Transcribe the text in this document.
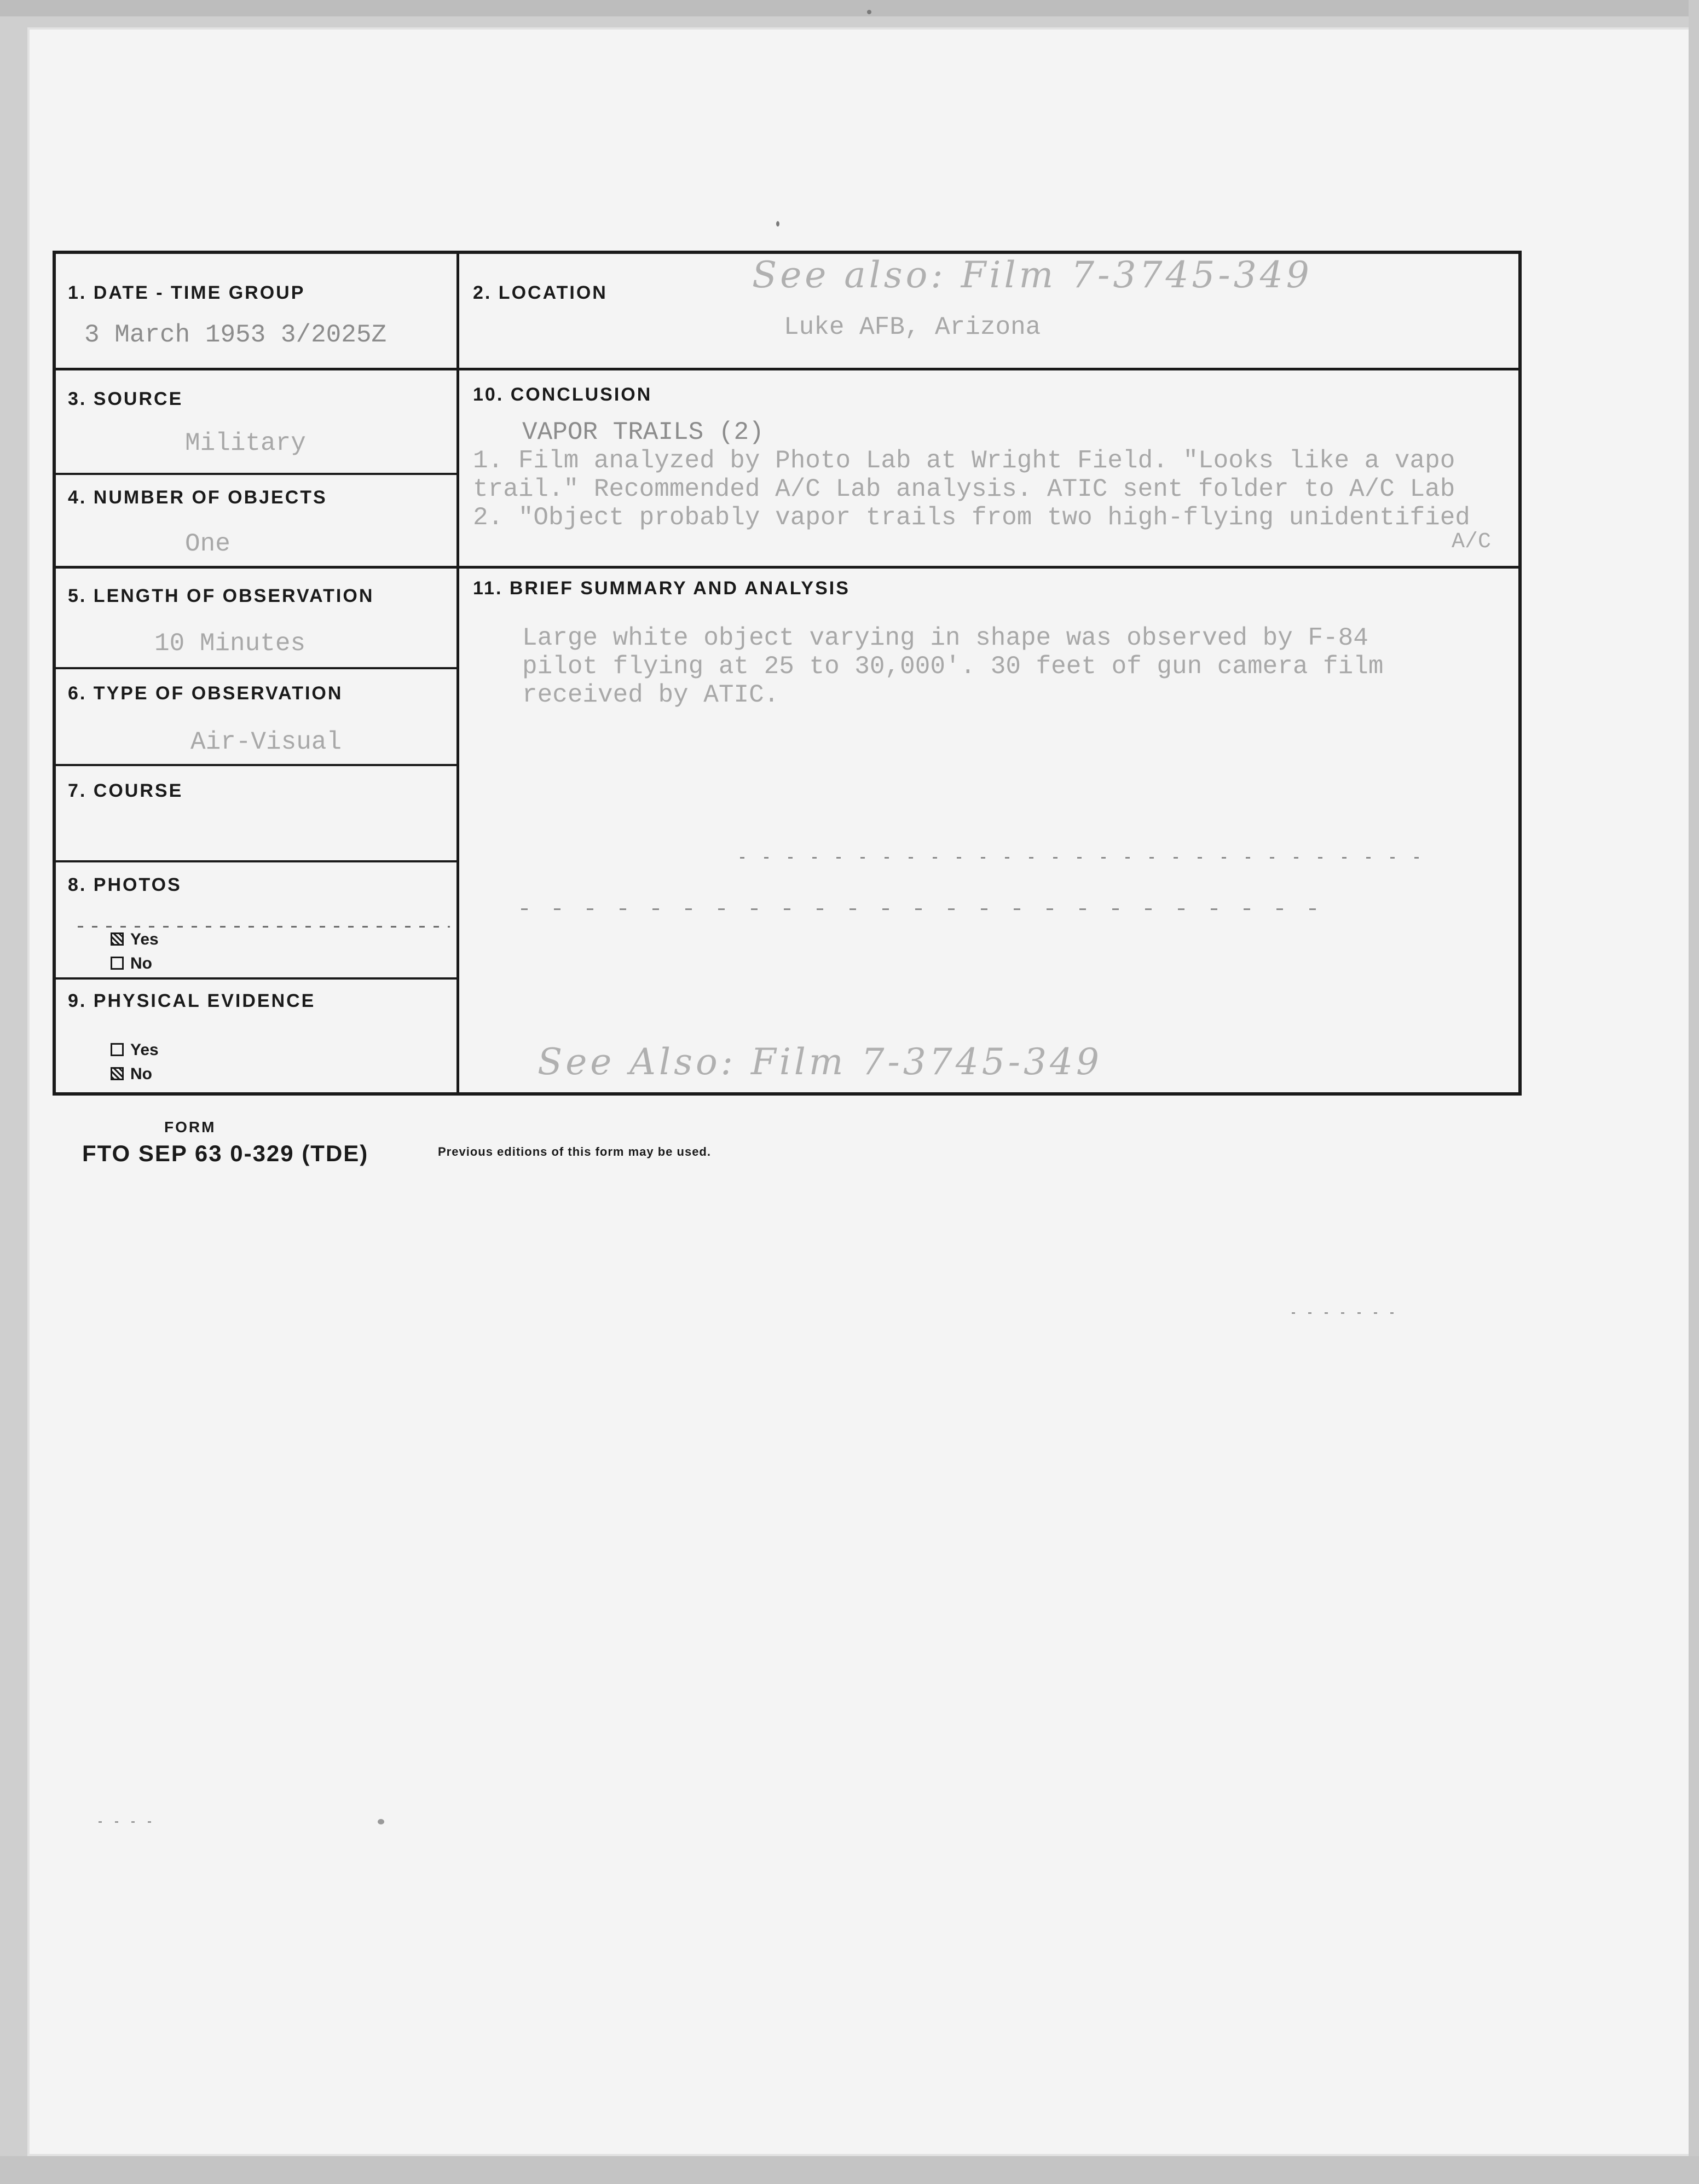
1. DATE - TIME GROUP
3 March 1953 3/2025Z
2. LOCATION	See also: Film 7-3745-349
Luke AFB, Arizona
3. SOURCE
Military
4. NUMBER OF OBJECTS
One
5. LENGTH OF OBSERVATION
10 Minutes
6. TYPE OF OBSERVATION
Air-Visual
7. COURSE
8. PHOTOS
Yes
No
9. PHYSICAL EVIDENCE
Yes
No
10. CONCLUSION
VAPOR TRAILS (2)
1. Film analyzed by Photo Lab at Wright Field. "Looks like a vapo
trail." Recommended A/C Lab analysis. ATIC sent folder to A/C Lab
2. "Object probably vapor trails from two high-flying unidentified
A/C
11. BRIEF SUMMARY AND ANALYSIS
Large white object varying in shape was observed by F-84
pilot flying at 25 to 30,000'. 30 feet of gun camera film
received by ATIC.
See Also: Film 7-3745-349
FORM
FTO SEP 63 0-329 (TDE)	Previous editions of this form may be used.
